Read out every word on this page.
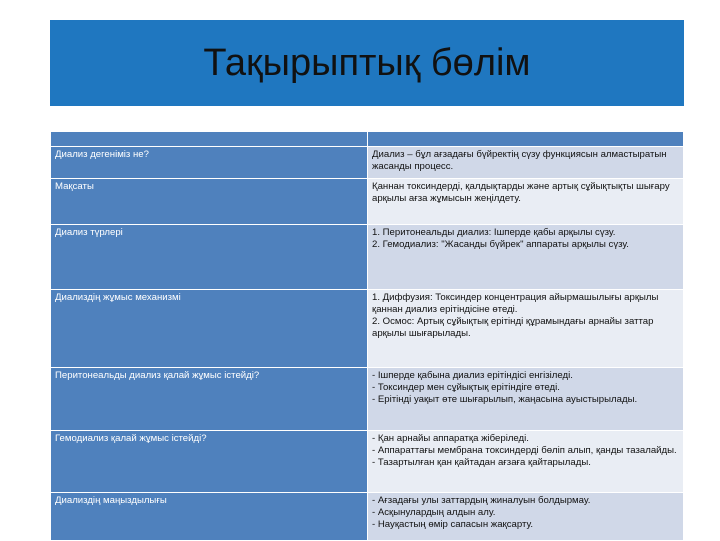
Тақырыптық бөлім

Диализ дегеніміз не?	Диализ – бұл ағзадағы бүйректің сүзу функциясын алмастыратын жасанды процесс.

Мақсаты	Қаннан токсиндерді, қалдықтарды және артық сұйықтықты шығару арқылы ағза жұмысын жеңілдету.

Диализ түрлері	1. Перитонеальды диализ: Ішперде қабы арқылы сүзу.
2. Гемодиализ: "Жасанды бүйрек" аппараты арқылы сүзу.

Диализдің жұмыс механизмі	1. Диффузия: Токсиндер концентрация айырмашылығы арқылы қаннан диализ ерітіндісіне өтеді.
2. Осмос: Артық сұйықтық ерітінді құрамындағы арнайы заттар арқылы шығарылады.

Перитонеальды диализ қалай жұмыс істейді?	- Ішперде қабына диализ ерітіндісі енгізіледі.
- Токсиндер мен сұйықтық ерітіндіге өтеді.
- Ерітінді уақыт өте шығарылып, жаңасына ауыстырылады.

Гемодиализ қалай жұмыс істейді?	- Қан арнайы аппаратқа жіберіледі.
- Аппараттағы мембрана токсиндерді бөліп алып, қанды тазалайды.
- Тазартылған қан қайтадан ағзаға қайтарылады.

Диализдің маңыздылығы	- Ағзадағы улы заттардың жиналуын болдырмау.
- Асқынулардың алдын алу.
- Науқастың өмір сапасын жақсарту.
